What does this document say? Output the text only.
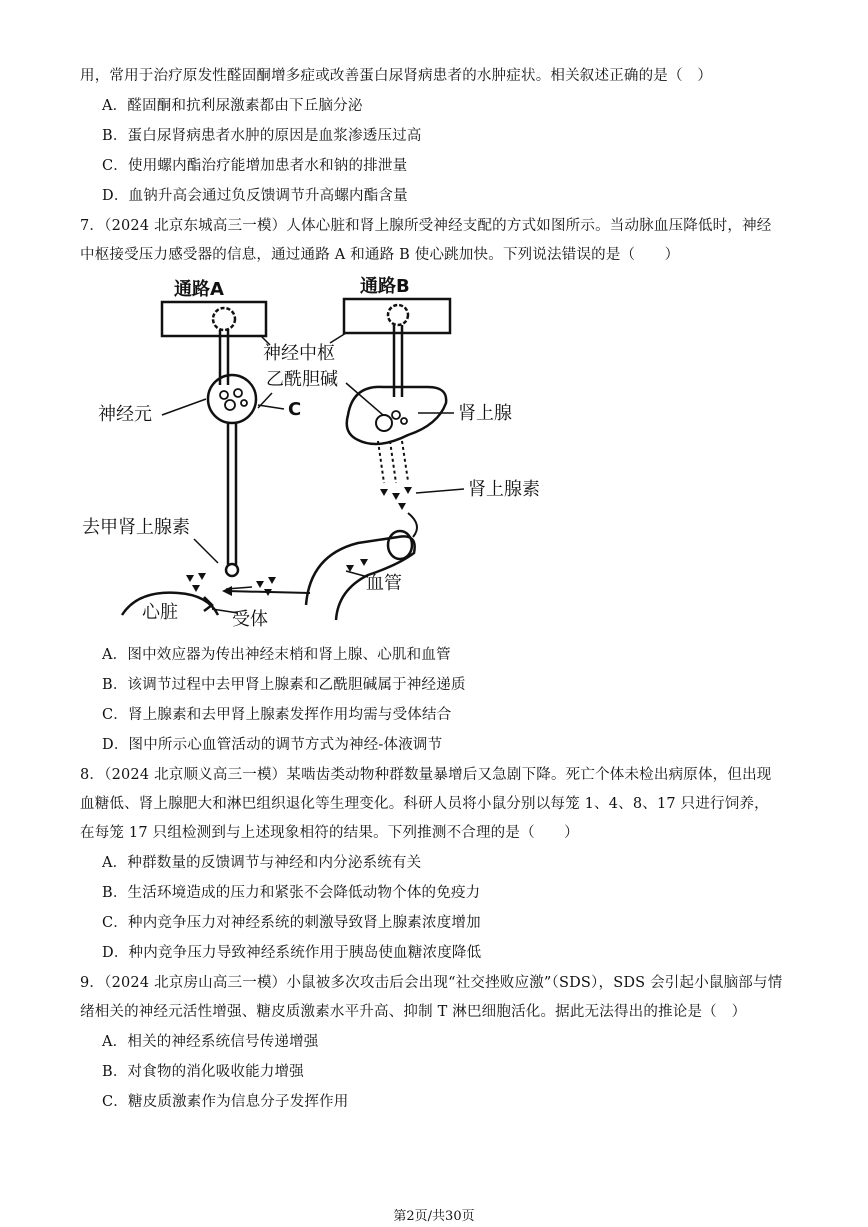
用，常用于治疗原发性醛固酮增多症或改善蛋白尿肾病患者的水肿症状。相关叙述正确的是（　）
A．醛固酮和抗利尿激素都由下丘脑分泌
B．蛋白尿肾病患者水肿的原因是血浆渗透压过高
C．使用螺内酯治疗能增加患者水和钠的排泄量
D．血钠升高会通过负反馈调节升高螺内酯含量
7．（2024 北京东城高三一模）人体心脏和肾上腺所受神经支配的方式如图所示。当动脉血压降低时，神经
中枢接受压力感受器的信息，通过通路 A 和通路 B 使心跳加快。下列说法错误的是（　　）
通路A	通路B
神经中枢
乙酰胆碱
神经元	C	肾上腺
肾上腺素
血管
去甲肾上腺素
心脏	受体
A．图中效应器为传出神经末梢和肾上腺、心肌和血管
B．该调节过程中去甲肾上腺素和乙酰胆碱属于神经递质
C．肾上腺素和去甲肾上腺素发挥作用均需与受体结合
D．图中所示心血管活动的调节方式为神经-体液调节
8．（2024 北京顺义高三一模）某啮齿类动物种群数量暴增后又急剧下降。死亡个体未检出病原体，但出现
血糖低、肾上腺肥大和淋巴组织退化等生理变化。科研人员将小鼠分别以每笼 1、4、8、17 只进行饲养，
在每笼 17 只组检测到与上述现象相符的结果。下列推测不合理的是（　　）
A．种群数量的反馈调节与神经和内分泌系统有关
B．生活环境造成的压力和紧张不会降低动物个体的免疫力
C．种内竞争压力对神经系统的刺激导致肾上腺素浓度增加
D．种内竞争压力导致神经系统作用于胰岛使血糖浓度降低
9．（2024 北京房山高三一模）小鼠被多次攻击后会出现“社交挫败应激”（SDS），SDS 会引起小鼠脑部与情
绪相关的神经元活性增强、糖皮质激素水平升高、抑制 T 淋巴细胞活化。据此无法得出的推论是（　）
A．相关的神经系统信号传递增强
B．对食物的消化吸收能力增强
C．糖皮质激素作为信息分子发挥作用
第2页/共30页
